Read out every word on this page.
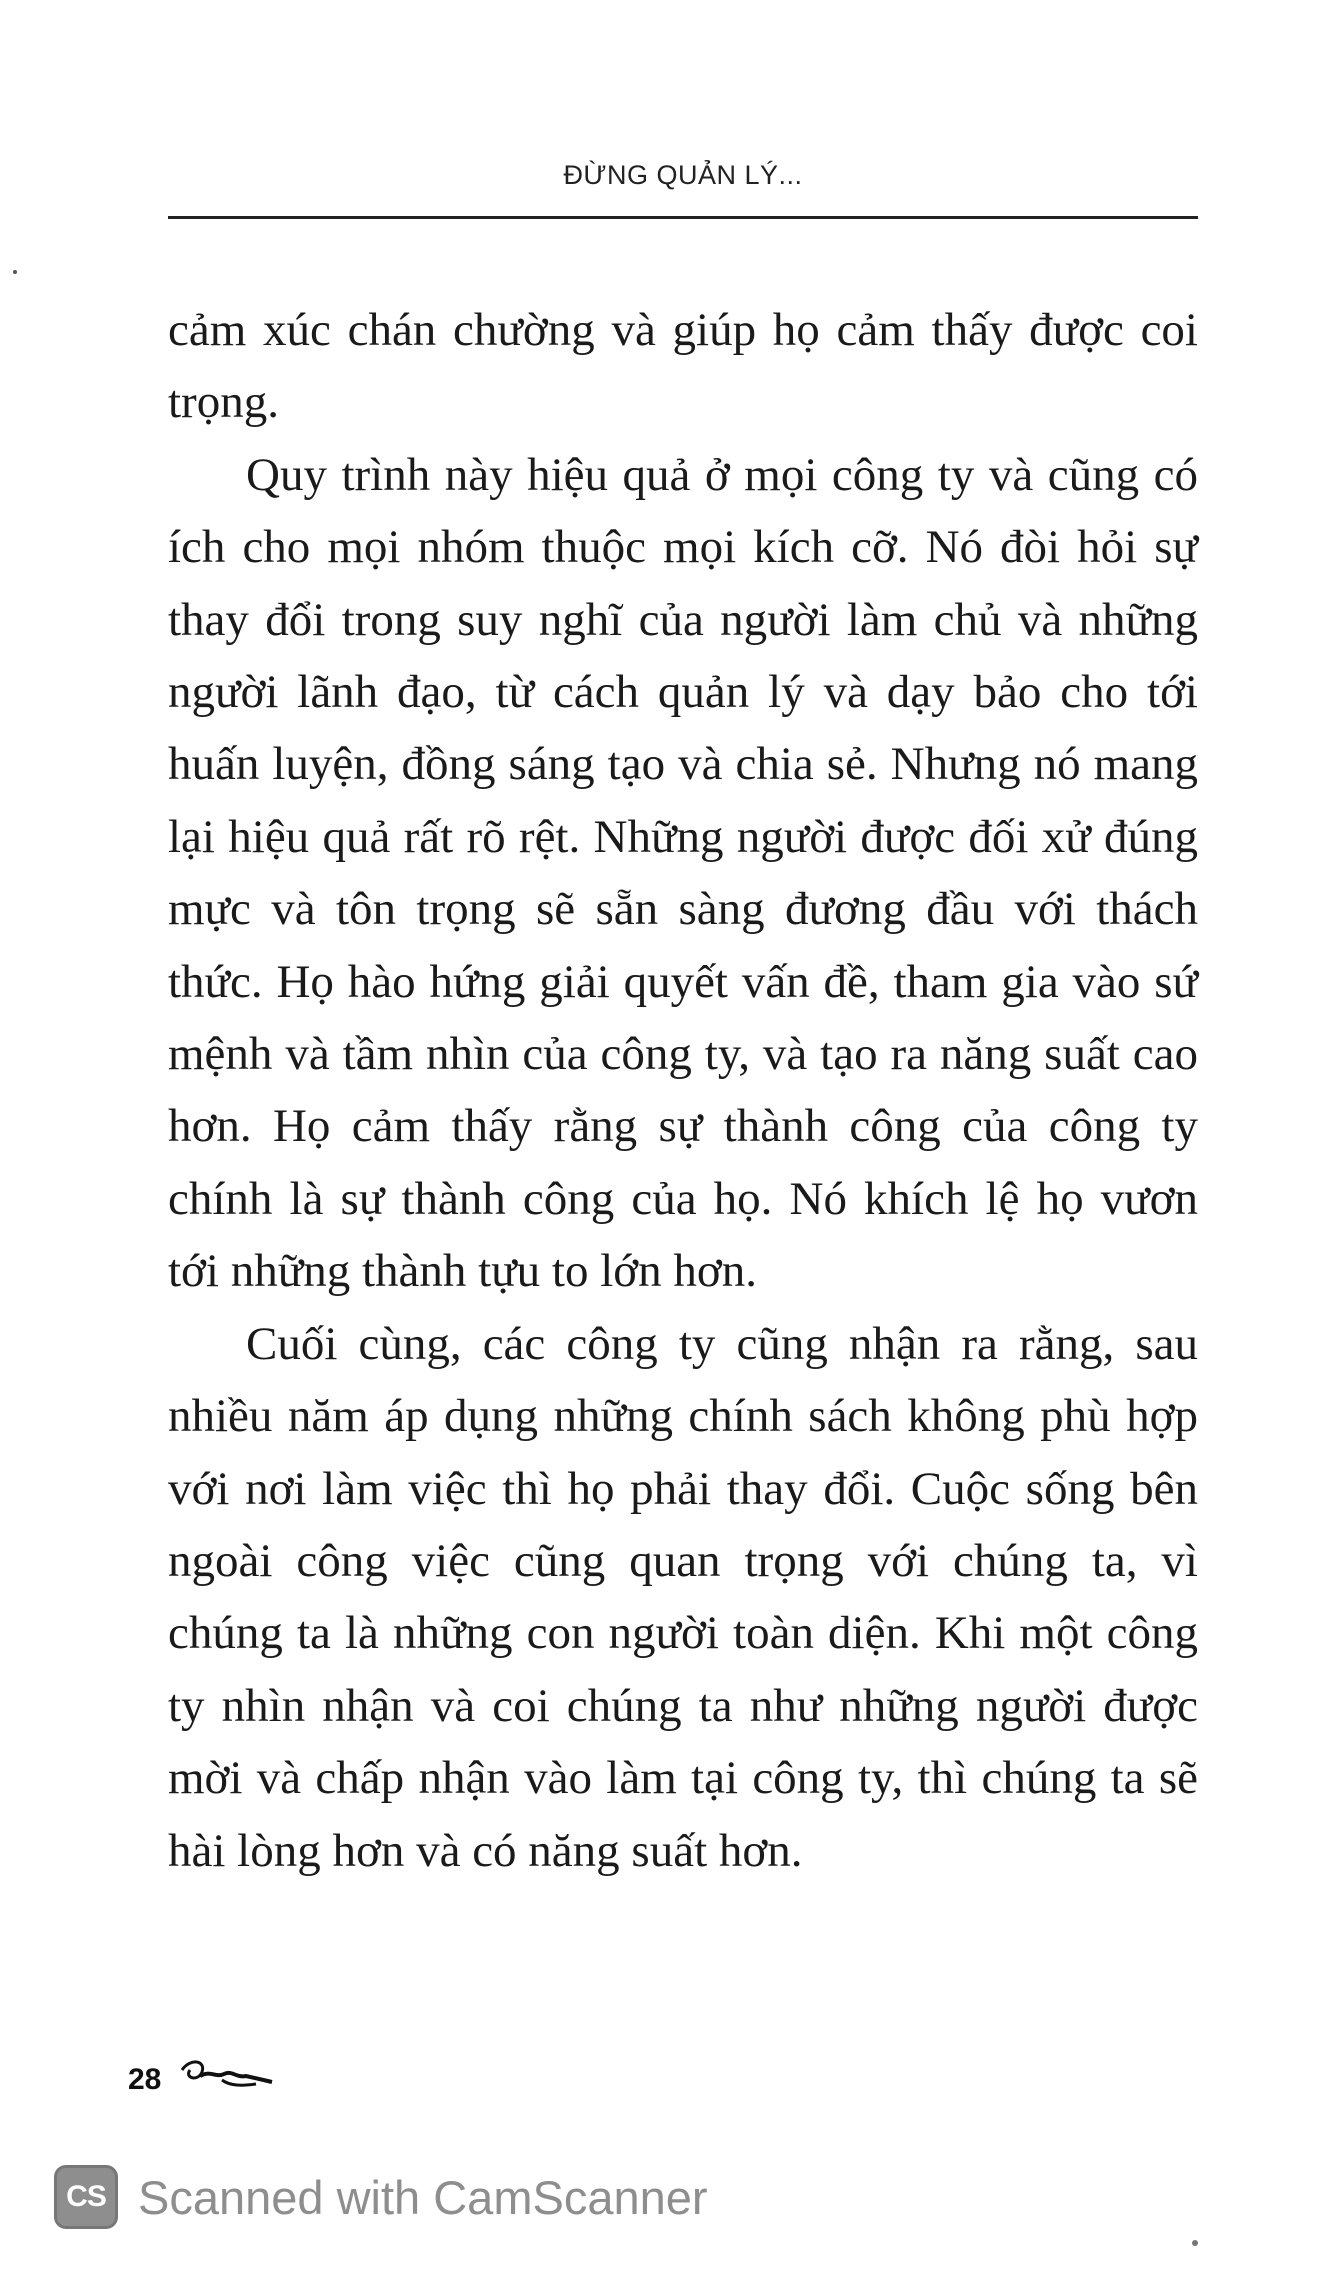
ĐỪNG QUẢN LÝ...

cảm xúc chán chường và giúp họ cảm thấy được coi trọng.

Quy trình này hiệu quả ở mọi công ty và cũng có ích cho mọi nhóm thuộc mọi kích cỡ. Nó đòi hỏi sự thay đổi trong suy nghĩ của người làm chủ và những người lãnh đạo, từ cách quản lý và dạy bảo cho tới huấn luyện, đồng sáng tạo và chia sẻ. Nhưng nó mang lại hiệu quả rất rõ rệt. Những người được đối xử đúng mực và tôn trọng sẽ sẵn sàng đương đầu với thách thức. Họ hào hứng giải quyết vấn đề, tham gia vào sứ mệnh và tầm nhìn của công ty, và tạo ra năng suất cao hơn. Họ cảm thấy rằng sự thành công của công ty chính là sự thành công của họ. Nó khích lệ họ vươn tới những thành tựu to lớn hơn.

Cuối cùng, các công ty cũng nhận ra rằng, sau nhiều năm áp dụng những chính sách không phù hợp với nơi làm việc thì họ phải thay đổi. Cuộc sống bên ngoài công việc cũng quan trọng với chúng ta, vì chúng ta là những con người toàn diện. Khi một công ty nhìn nhận và coi chúng ta như những người được mời và chấp nhận vào làm tại công ty, thì chúng ta sẽ hài lòng hơn và có năng suất hơn.

28
CS Scanned with CamScanner
